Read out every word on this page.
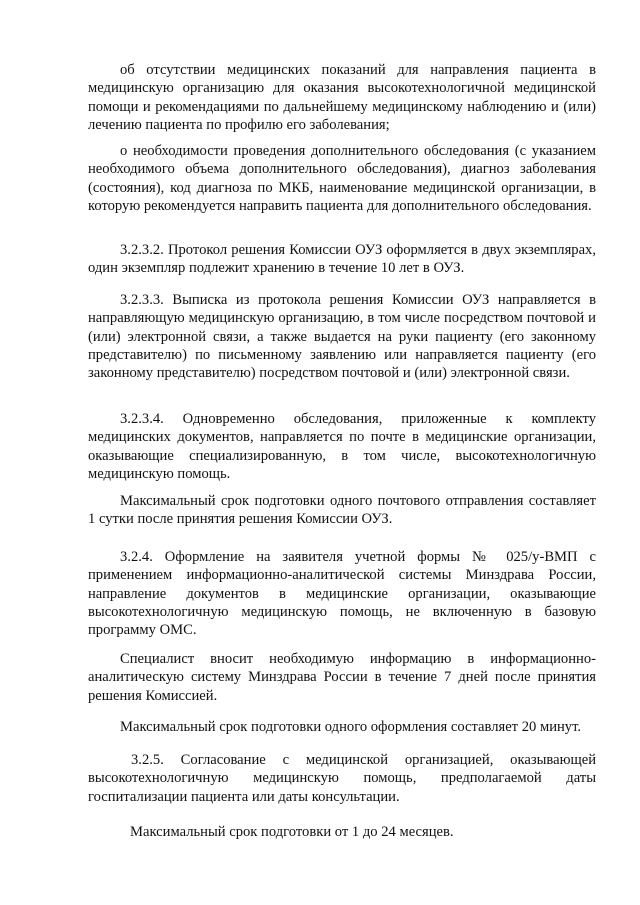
об отсутствии медицинских показаний для направления пациента в медицинскую организацию для оказания высокотехнологичной медицинской помощи и рекомендациями по дальнейшему медицинскому наблюдению и (или) лечению пациента по профилю его заболевания;

о необходимости проведения дополнительного обследования (с указанием необходимого объема дополнительного обследования), диагноз заболевания (состояния), код диагноза по МКБ, наименование медицинской организации, в которую рекомендуется направить пациента для дополнительного обследования.

3.2.3.2. Протокол решения Комиссии ОУЗ оформляется в двух экземплярах, один экземпляр подлежит хранению в течение 10 лет в ОУЗ.

3.2.3.3. Выписка из протокола решения Комиссии ОУЗ направляется в направляющую медицинскую организацию, в том числе посредством почтовой и (или) электронной связи, а также выдается на руки пациенту (его законному представителю) по письменному заявлению или направляется пациенту (его законному представителю) посредством почтовой и (или) электронной связи.

3.2.3.4. Одновременно обследования, приложенные к комплекту медицинских документов, направляется по почте в медицинские организации, оказывающие специализированную, в том числе, высокотехнологичную медицинскую помощь.

Максимальный срок подготовки одного почтового отправления составляет 1 сутки после принятия решения Комиссии ОУЗ.

3.2.4. Оформление на заявителя учетной формы № 025/у-ВМП с применением информационно-аналитической системы Минздрава России, направление документов в медицинские организации, оказывающие высокотехнологичную медицинскую помощь, не включенную в базовую программу ОМС.

Специалист вносит необходимую информацию в информационно-аналитическую систему Минздрава России в течение 7 дней после принятия решения Комиссией.

Максимальный срок подготовки одного оформления составляет 20 минут.

3.2.5. Согласование с медицинской организацией, оказывающей высокотехнологичную медицинскую помощь, предполагаемой даты госпитализации пациента или даты консультации.

Максимальный срок подготовки от 1 до 24 месяцев.
